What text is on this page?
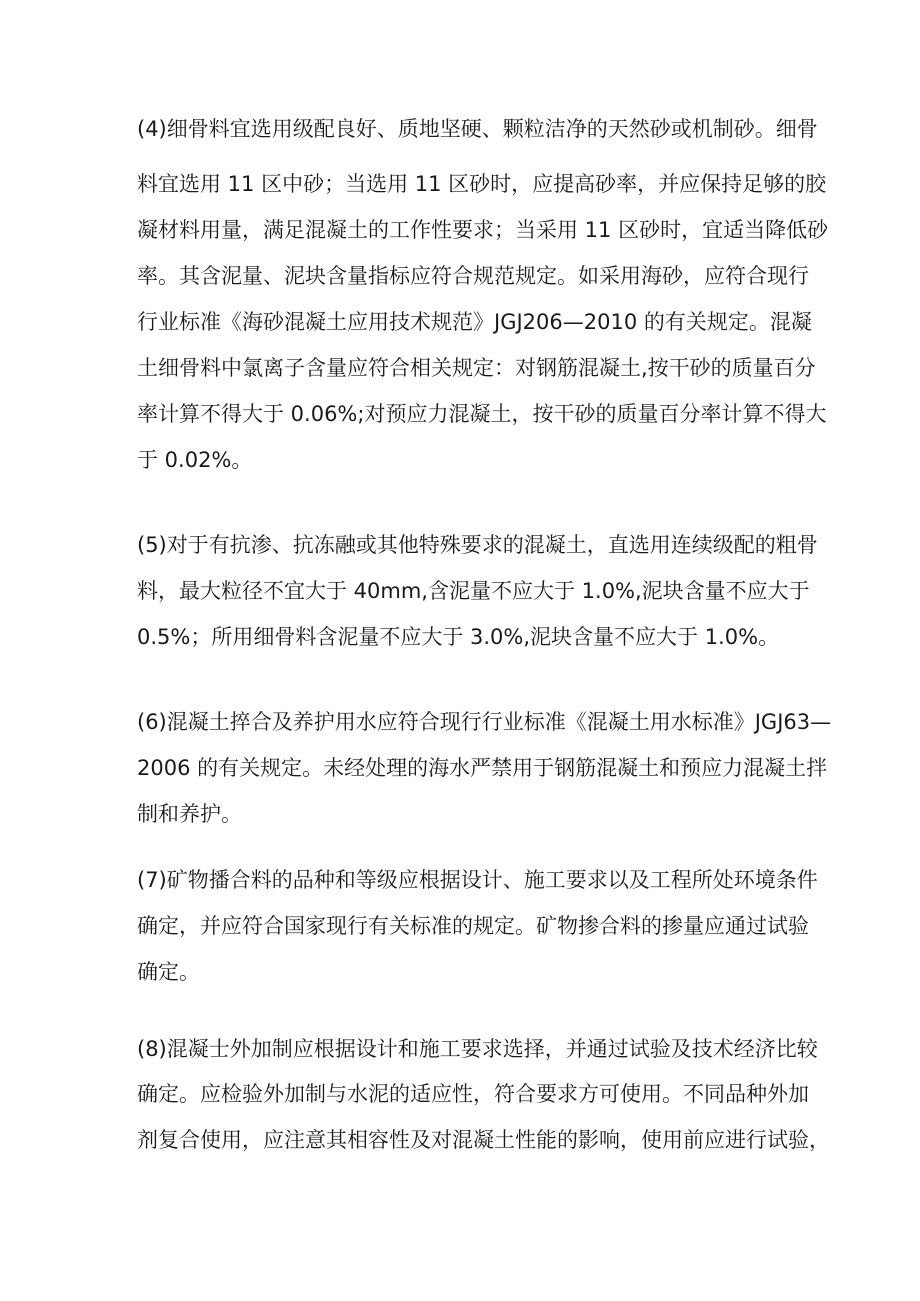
(4)细骨料宜选用级配良好、质地坚硬、颗粒洁净的天然砂或机制砂。细骨
料宜选用 11 区中砂；当选用 11 区砂时，应提高砂率，并应保持足够的胶
凝材料用量，满足混凝土的工作性要求；当采用 11 区砂时，宜适当降低砂
率。其含泥量、泥块含量指标应符合规范规定。如采用海砂，应符合现行
行业标准《海砂混凝土应用技术规范》JGJ206—2010 的有关规定。混凝
土细骨料中氯离子含量应符合相关规定：对钢筋混凝土,按干砂的质量百分
率计算不得大于 0.06%;对预应力混凝土，按干砂的质量百分率计算不得大
于 0.02%。
(5)对于有抗渗、抗冻融或其他特殊要求的混凝土，直选用连续级配的粗骨
料，最大粒径不宜大于 40mm,含泥量不应大于 1.0%,泥块含量不应大于
0.5%；所用细骨料含泥量不应大于 3.0%,泥块含量不应大于 1.0%。
(6)混凝土捽合及养护用水应符合现行行业标准《混凝土用水标准》JGJ63—
2006 的有关规定。未经处理的海水严禁用于钢筋混凝土和预应力混凝土拌
制和养护。
(7)矿物播合料的品种和等级应根据设计、施工要求以及工程所处环境条件
确定，并应符合国家现行有关标准的规定。矿物掺合料的掺量应通过试验
确定。
(8)混凝士外加制应根据设计和施工要求选择，并通过试验及技术经济比较
确定。应检验外加制与水泥的适应性，符合要求方可使用。不同品种外加
剂复合使用，应注意其相容性及对混凝土性能的影响，使用前应进行试验，
